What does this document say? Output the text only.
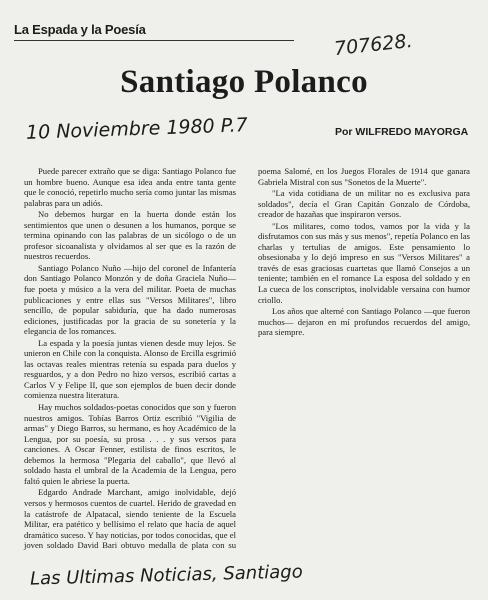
La Espada y la Poesía
707628.
Santiago Polanco
10 Noviembre 1980 P.7	Por WILFREDO MAYORGA

Puede parecer extraño que se diga: Santiago Polanco fue un hombre bueno. Aunque esa idea anda entre tanta gente que le conoció, repetirlo mucho sería como juntar las mismas palabras para un adiós.

No debemos hurgar en la huerta donde están los sentimientos que unen o desunen a los humanos, porque se termina opinando con las palabras de un sicólogo o de un profesor sicoanalista y olvidamos al ser que es la razón de nuestros recuerdos.

Santiago Polanco Nuño —hijo del coronel de Infantería don Santiago Polanco Monzón y de doña Graciela Nuño— fue poeta y músico a la vera del militar. Poeta de muchas publicaciones y entre ellas sus "Versos Militares", libro sencillo, de popular sabiduría, que ha dado numerosas ediciones, justificadas por la gracia de su sonetería y la elegancia de los romances.

La espada y la poesía juntas vienen desde muy lejos. Se unieron en Chile con la conquista. Alonso de Ercilla esgrimió las octavas reales mientras retenía su espada para duelos y resguardos, y a don Pedro no hizo versos, escribió cartas a Carlos V y Felipe II, que son ejemplos de buen decir donde comienza nuestra literatura.

Hay muchos soldados-poetas conocidos que son y fueron nuestros amigos. Tobías Barros Ortiz escribió "Vigilia de armas" y Diego Barros, su hermano, es hoy Académico de la Lengua, por su poesía, su prosa . . . y sus versos para canciones. A Oscar Fenner, estilista de finos escritos, le debemos la hermosa "Plegaria del caballo", que llevó al soldado hasta el umbral de la Academia de la Lengua, pero faltó quien le abriese la puerta.

Edgardo Andrade Marchant, amigo inolvidable, dejó versos y hermosos cuentos de cuartel. Herido de gravedad en la catástrofe de Alpatacal, siendo teniente de la Escuela Militar, era patético y bellísimo el relato que hacía de aquel dramático suceso. Y hay noticias, por todos conocidas, que el joven soldado David Bari obtuvo medalla de plata con su poema Salomé, en los Juegos Florales de 1914 que ganara Gabriela Mistral con sus "Sonetos de la Muerte".

"La vida cotidiana de un militar no es exclusiva para soldados", decía el Gran Capitán Gonzalo de Córdoba, creador de hazañas que inspiraron versos.

"Los militares, como todos, vamos por la vida y la disfrutamos con sus más y sus menos", repetía Polanco en las charlas y tertulias de amigos. Este pensamiento lo obsesionaba y lo dejó impreso en sus "Versos Militares" a través de esas graciosas cuartetas que llamó Consejos a un teniente; también en el romance La esposa del soldado y en La cueca de los conscriptos, inolvidable versaina con humor criollo.

Los años que alterné con Santiago Polanco —que fueron muchos— dejaron en mí profundos recuerdos del amigo, para siempre.

Las Ultimas Noticias, Santiago
